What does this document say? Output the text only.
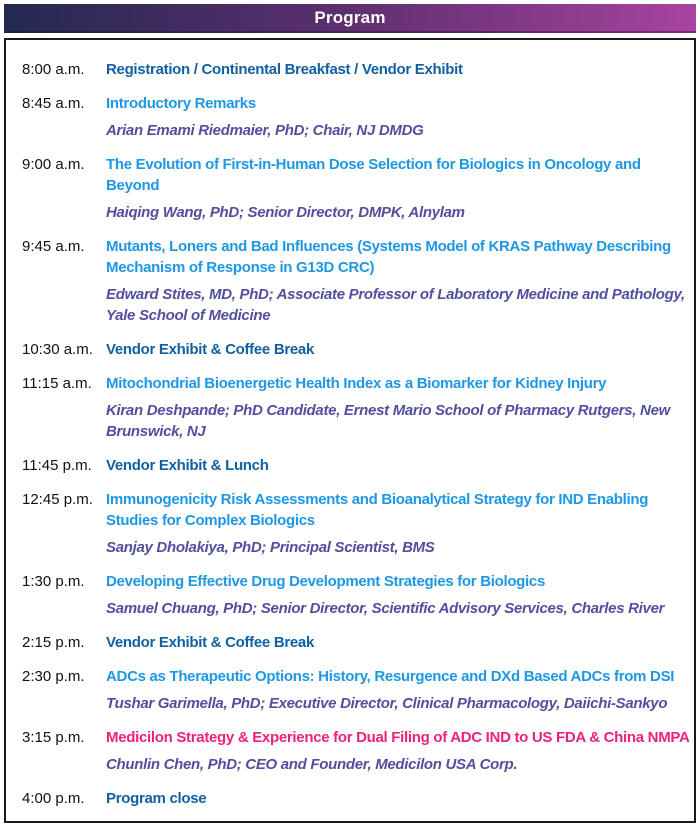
Program
8:00 a.m.	Registration / Continental Breakfast / Vendor Exhibit
8:45 a.m.	Introductory Remarks
Arian Emami Riedmaier, PhD; Chair, NJ DMDG
9:00 a.m.	The Evolution of First-in-Human Dose Selection for Biologics in Oncology and Beyond
Haiqing Wang, PhD; Senior Director, DMPK, Alnylam
9:45 a.m.	Mutants, Loners and Bad Influences (Systems Model of KRAS Pathway Describing Mechanism of Response in G13D CRC)
Edward Stites, MD, PhD; Associate Professor of Laboratory Medicine and Pathology, Yale School of Medicine
10:30 a.m. Vendor Exhibit & Coffee Break
11:15 a.m. Mitochondrial Bioenergetic Health Index as a Biomarker for Kidney Injury
Kiran Deshpande; PhD Candidate, Ernest Mario School of Pharmacy Rutgers, New Brunswick, NJ
11:45 p.m. Vendor Exhibit & Lunch
12:45 p.m. Immunogenicity Risk Assessments and Bioanalytical Strategy for IND Enabling Studies for Complex Biologics
Sanjay Dholakiya, PhD; Principal Scientist, BMS
1:30 p.m.	Developing Effective Drug Development Strategies for Biologics
Samuel Chuang, PhD; Senior Director, Scientific Advisory Services, Charles River
2:15 p.m.	Vendor Exhibit & Coffee Break
2:30 p.m.	ADCs as Therapeutic Options: History, Resurgence and DXd Based ADCs from DSI
Tushar Garimella, PhD; Executive Director, Clinical Pharmacology, Daiichi-Sankyo
3:15 p.m.	Medicilon Strategy & Experience for Dual Filing of ADC IND to US FDA & China NMPA
Chunlin Chen, PhD; CEO and Founder, Medicilon USA Corp.
4:00 p.m.	Program close
